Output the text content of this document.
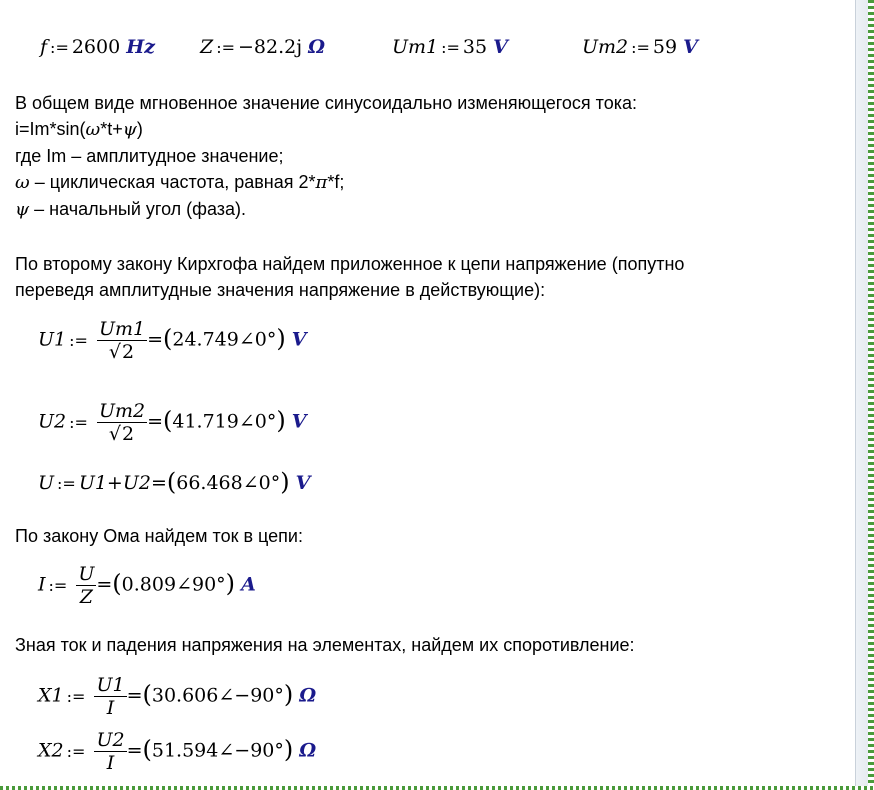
f := 2600 Hz Z := −82.2j Ω	Um1 := 35 V	Um2 := 59 V
В общем виде мгновенное значение синусоидально изменяющегося тока:
i=Im*sin(ω*t+ψ)
где Im – амплитудное значение;
ω – циклическая частота, равная 2*π*f;
ψ – начальный угол (фаза).
По второму закону Кирхгофа найдем приложенное к цепи напряжение (попутно
переведя амплитудные значения напряжение в действующие):
U1 := $\frac{Um1}{√2}$ =(24.749∠0°) V
U2 := $\frac{Um2}{√2}$ =(41.719∠0°) V
U := U1+U2=(66.468∠0°) V
По закону Ома найдем ток в цепи:
I := $\frac{U}{Z}$ =(0.809∠90°) A
Зная ток и падения напряжения на элементах, найдем их споротивление:
X1 := $\frac{U1}{I}$ =(30.606∠−90°) Ω
X2 := $\frac{U2}{I}$ =(51.594∠−90°) Ω
